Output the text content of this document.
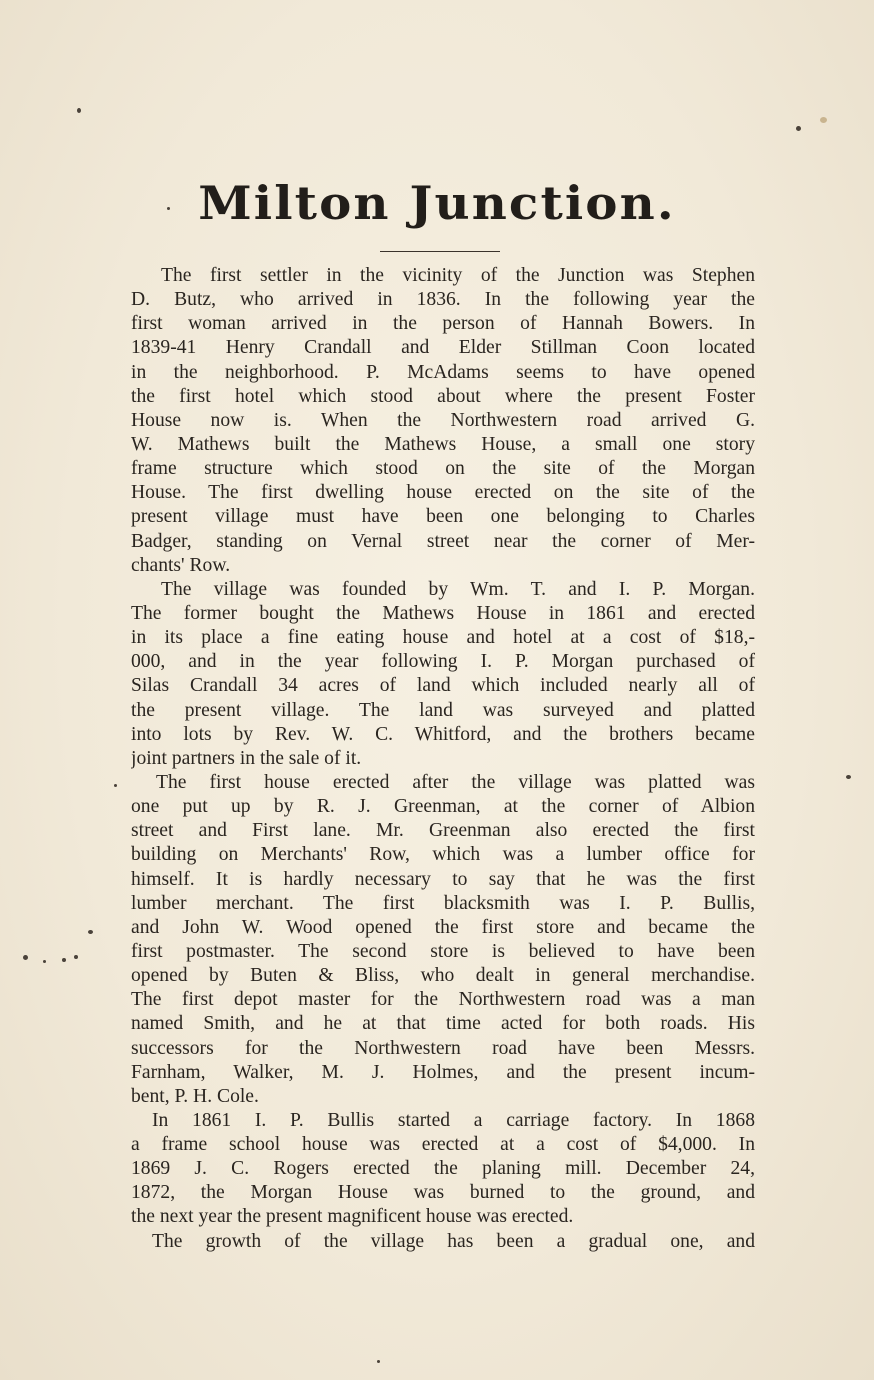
Milton Junction.
The first settler in the vicinity of the Junction was Stephen
D. Butz, who arrived in 1836. In the following year the
first woman arrived in the person of Hannah Bowers. In
1839-41 Henry Crandall and Elder Stillman Coon located
in the neighborhood. P. McAdams seems to have opened
the first hotel which stood about where the present Foster
House now is. When the Northwestern road arrived G.
W. Mathews built the Mathews House, a small one story
frame structure which stood on the site of the Morgan
House. The first dwelling house erected on the site of the
present village must have been one belonging to Charles
Badger, standing on Vernal street near the corner of Mer-
chants' Row.
The village was founded by Wm. T. and I. P. Morgan.
The former bought the Mathews House in 1861 and erected
in its place a fine eating house and hotel at a cost of $18,-
000, and in the year following I. P. Morgan purchased of
Silas Crandall 34 acres of land which included nearly all of
the present village. The land was surveyed and platted
into lots by Rev. W. C. Whitford, and the brothers became
joint partners in the sale of it.
The first house erected after the village was platted was
one put up by R. J. Greenman, at the corner of Albion
street and First lane. Mr. Greenman also erected the first
building on Merchants' Row, which was a lumber office for
himself. It is hardly necessary to say that he was the first
lumber merchant. The first blacksmith was I. P. Bullis,
and John W. Wood opened the first store and became the
first postmaster. The second store is believed to have been
opened by Buten & Bliss, who dealt in general merchandise.
The first depot master for the Northwestern road was a man
named Smith, and he at that time acted for both roads. His
successors for the Northwestern road have been Messrs.
Farnham, Walker, M. J. Holmes, and the present incum-
bent, P. H. Cole.
In 1861 I. P. Bullis started a carriage factory. In 1868
a frame school house was erected at a cost of $4,000. In
1869 J. C. Rogers erected the planing mill. December 24,
1872, the Morgan House was burned to the ground, and
the next year the present magnificent house was erected.
The growth of the village has been a gradual one, and
